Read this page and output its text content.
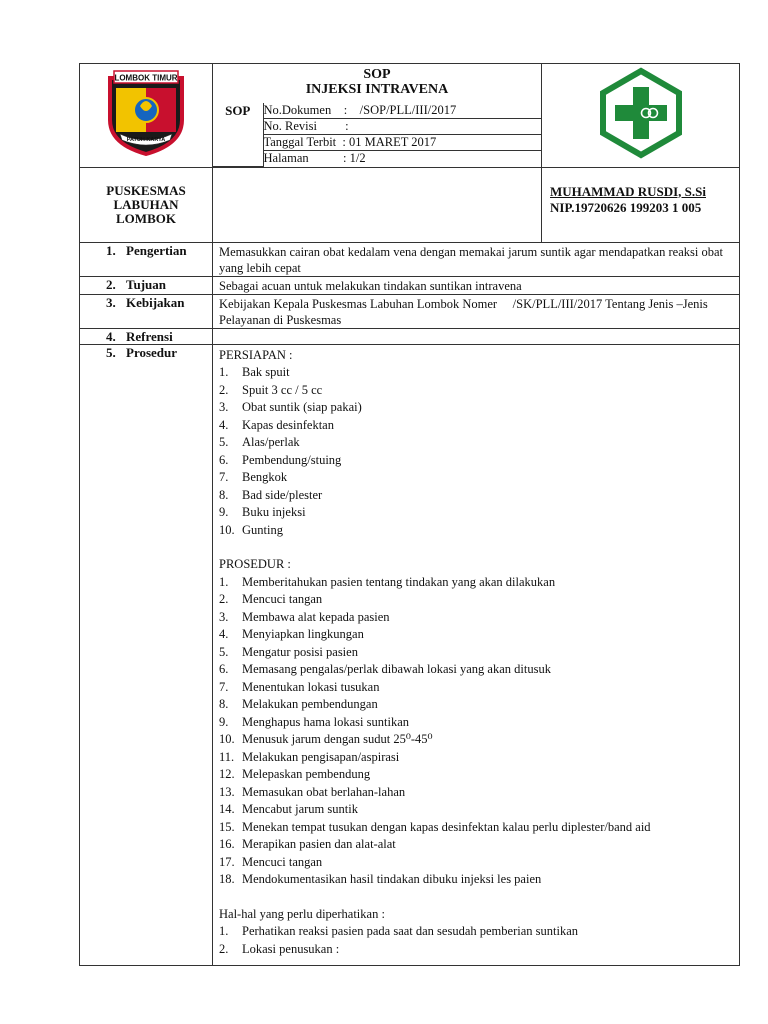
LOMBOK TIMUR
PATUH KARYA

SOP
INJEKSI INTRAVENA
SOP	No.Dokumen    :    /SOP/PLL/III/2017
No. Revisi         :
Tanggal Terbit  : 01 MARET 2017
Halaman           : 1/2

PUSKESMAS
LABUHAN
LOMBOK

MUHAMMAD RUSDI, S.Si
NIP.19720626 199203 1 005

1. Pengertian	Memasukkan cairan obat kedalam vena dengan memakai jarum suntik agar mendapatkan reaksi obat yang lebih cepat
2. Tujuan	Sebagai acuan untuk melakukan tindakan suntikan intravena
3. Kebijakan	Kebijakan Kepala Puskesmas Labuhan Lombok Nomer     /SK/PLL/III/2017 Tentang Jenis –Jenis Pelayanan di Puskesmas
4. Refrensi	
5. Prosedur	PERSIAPAN :
1. Bak spuit
2. Spuit 3 cc / 5 cc
3. Obat suntik (siap pakai)
4. Kapas desinfektan
5. Alas/perlak
6. Pembendung/stuing
7. Bengkok
8. Bad side/plester
9. Buku injeksi
10. Gunting
PROSEDUR :
1. Memberitahukan pasien tentang tindakan yang akan dilakukan
2. Mencuci tangan
3. Membawa alat kepada pasien
4. Menyiapkan lingkungan
5. Mengatur posisi pasien
6. Memasang pengalas/perlak dibawah lokasi yang akan ditusuk
7. Menentukan lokasi tusukan
8. Melakukan pembendungan
9. Menghapus hama lokasi suntikan
10. Menusuk jarum dengan sudut 25⁰-45⁰
11. Melakukan pengisapan/aspirasi
12. Melepaskan pembendung
13. Memasukan obat berlahan-lahan
14. Mencabut jarum suntik
15. Menekan tempat tusukan dengan kapas desinfektan kalau perlu diplester/band aid
16. Merapikan pasien dan alat-alat
17. Mencuci tangan
18. Mendokumentasikan hasil tindakan dibuku injeksi les paien
Hal-hal yang perlu diperhatikan :
1. Perhatikan reaksi pasien pada saat dan sesudah pemberian suntikan
2. Lokasi penusukan :
